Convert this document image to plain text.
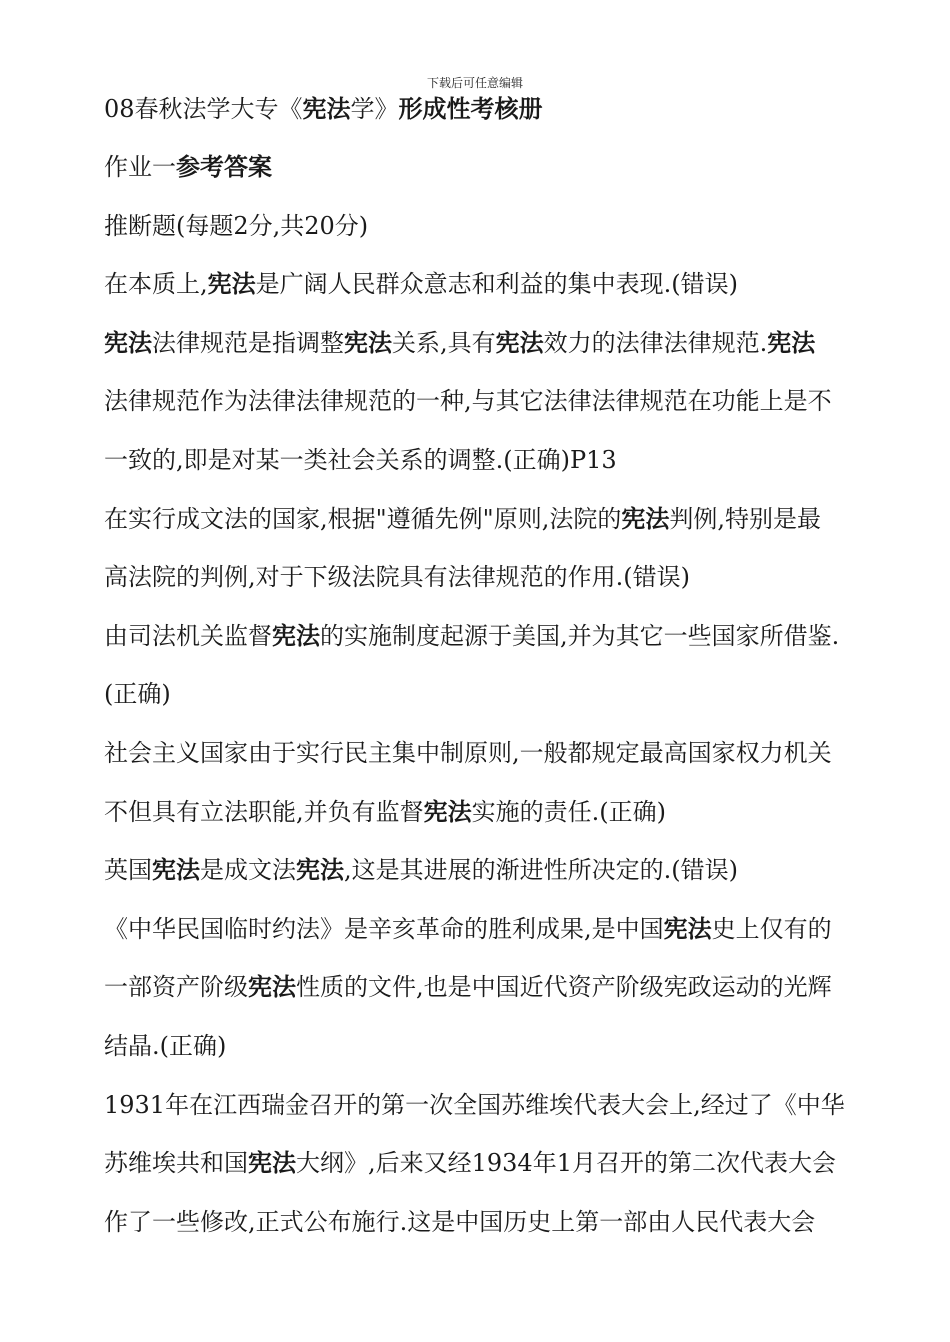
下载后可任意编辑
08春秋法学大专《宪法学》形成性考核册
作业一参考答案
推断题(每题2分,共20分)
在本质上,宪法是广阔人民群众意志和利益的集中表现.(错误)
宪法法律规范是指调整宪法关系,具有宪法效力的法律法律规范.宪法
法律规范作为法律法律规范的一种,与其它法律法律规范在功能上是不
一致的,即是对某一类社会关系的调整.(正确)P13
在实行成文法的国家,根据"遵循先例"原则,法院的宪法判例,特别是最
高法院的判例,对于下级法院具有法律规范的作用.(错误)
由司法机关监督宪法的实施制度起源于美国,并为其它一些国家所借鉴.
(正确)
社会主义国家由于实行民主集中制原则,一般都规定最高国家权力机关
不但具有立法职能,并负有监督宪法实施的责任.(正确)
英国宪法是成文法宪法,这是其进展的渐进性所决定的.(错误)
《中华民国临时约法》是辛亥革命的胜利成果,是中国宪法史上仅有的
一部资产阶级宪法性质的文件,也是中国近代资产阶级宪政运动的光辉
结晶.(正确)
1931年在江西瑞金召开的第一次全国苏维埃代表大会上,经过了《中华
苏维埃共和国宪法大纲》,后来又经1934年1月召开的第二次代表大会
作了一些修改,正式公布施行.这是中国历史上第一部由人民代表大会
